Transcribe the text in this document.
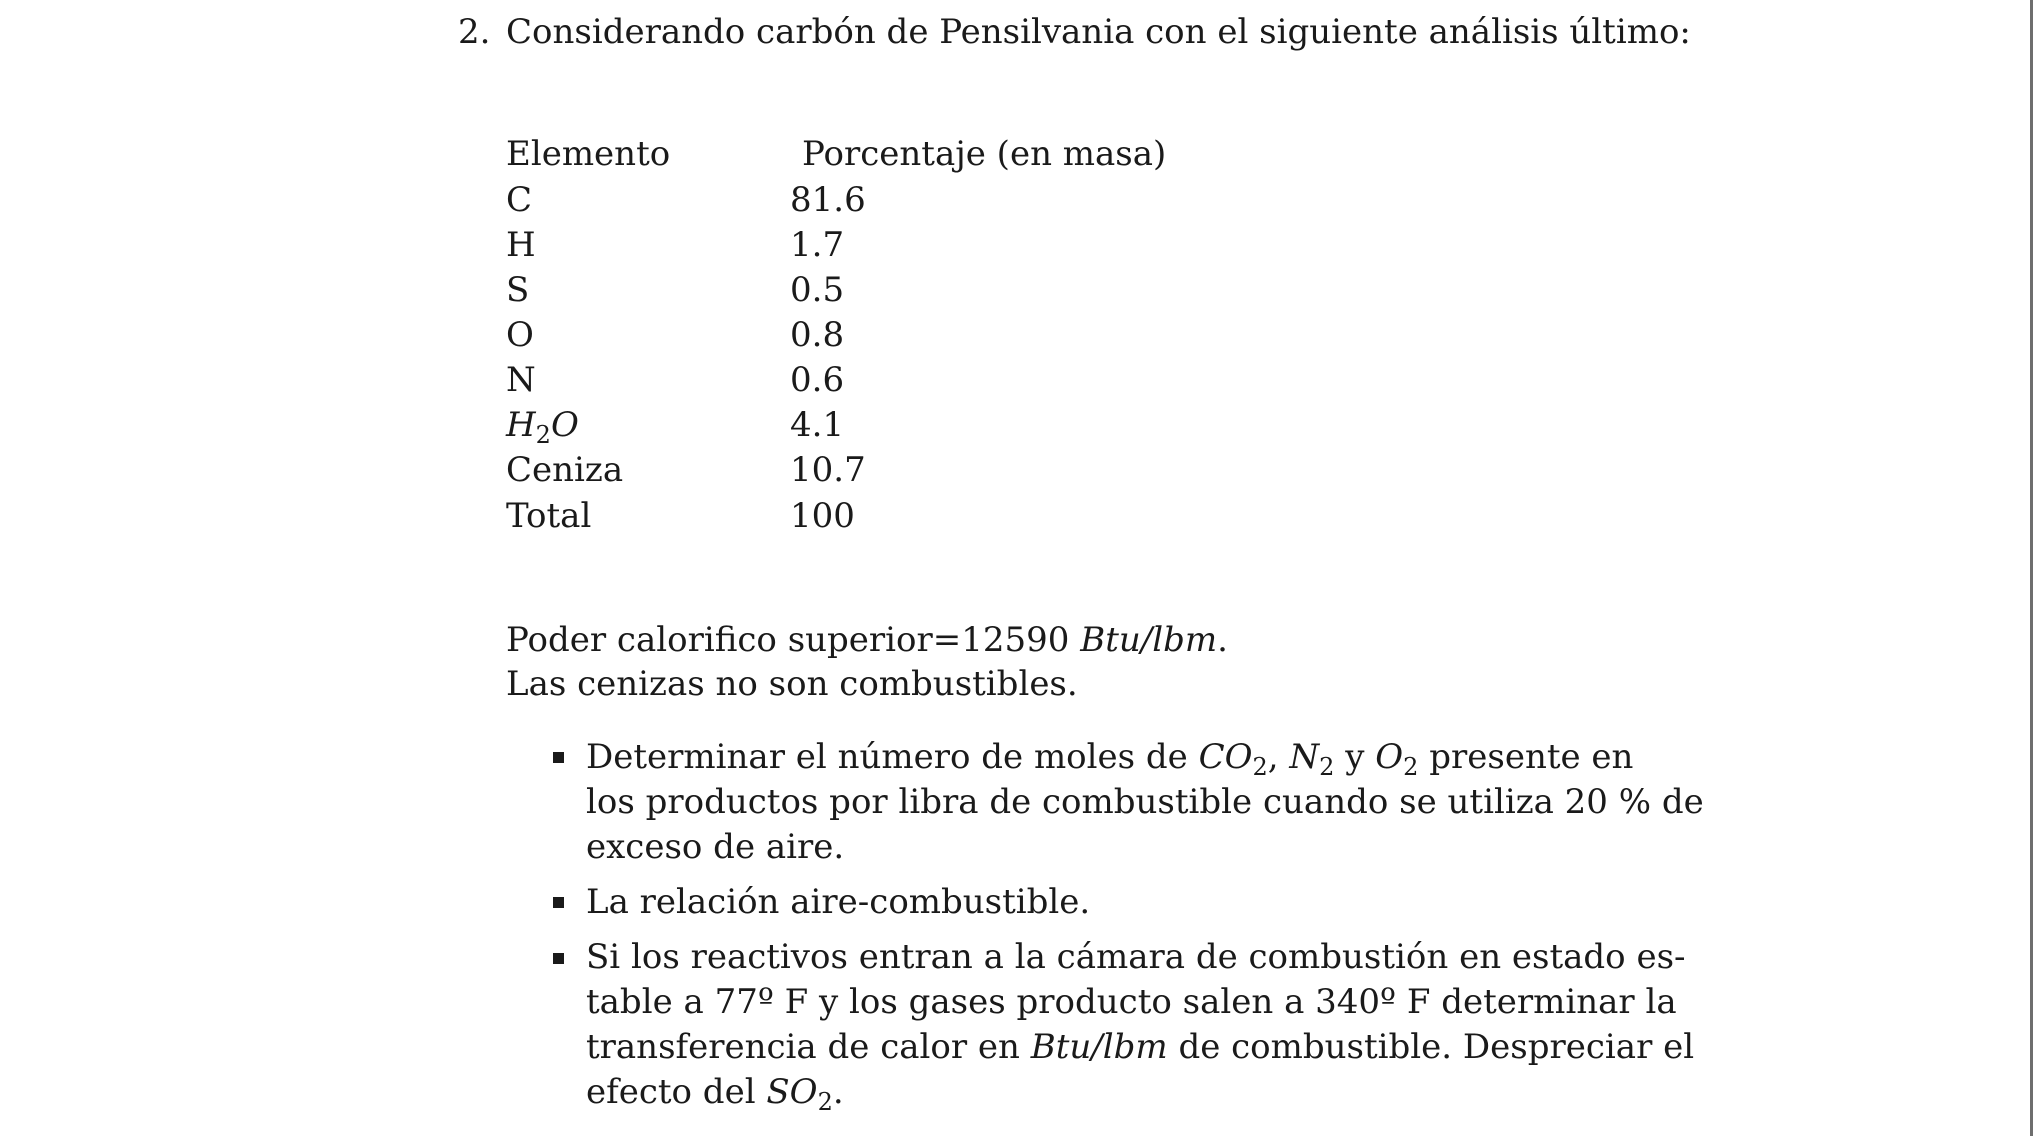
2. Considerando carbón de Pensilvania con el siguiente análisis último:
Elemento	Porcentaje (en masa)
C	81.6
H	1.7
S	0.5
O	0.8
N	0.6
$H_2O$	4.1
Ceniza	10.7
Total	100
Poder calorifico superior=12590 Btu/lbm.
Las cenizas no son combustibles.
Determinar el número de moles de $CO_2$, $N_2$ y $O_2$ presente en
los productos por libra de combustible cuando se utiliza 20 % de
exceso de aire.
La relación aire-combustible.
Si los reactivos entran a la cámara de combustión en estado es-
table a 77º F y los gases producto salen a 340º F determinar la
transferencia de calor en Btu/lbm de combustible. Despreciar el
efecto del $SO_2$.
